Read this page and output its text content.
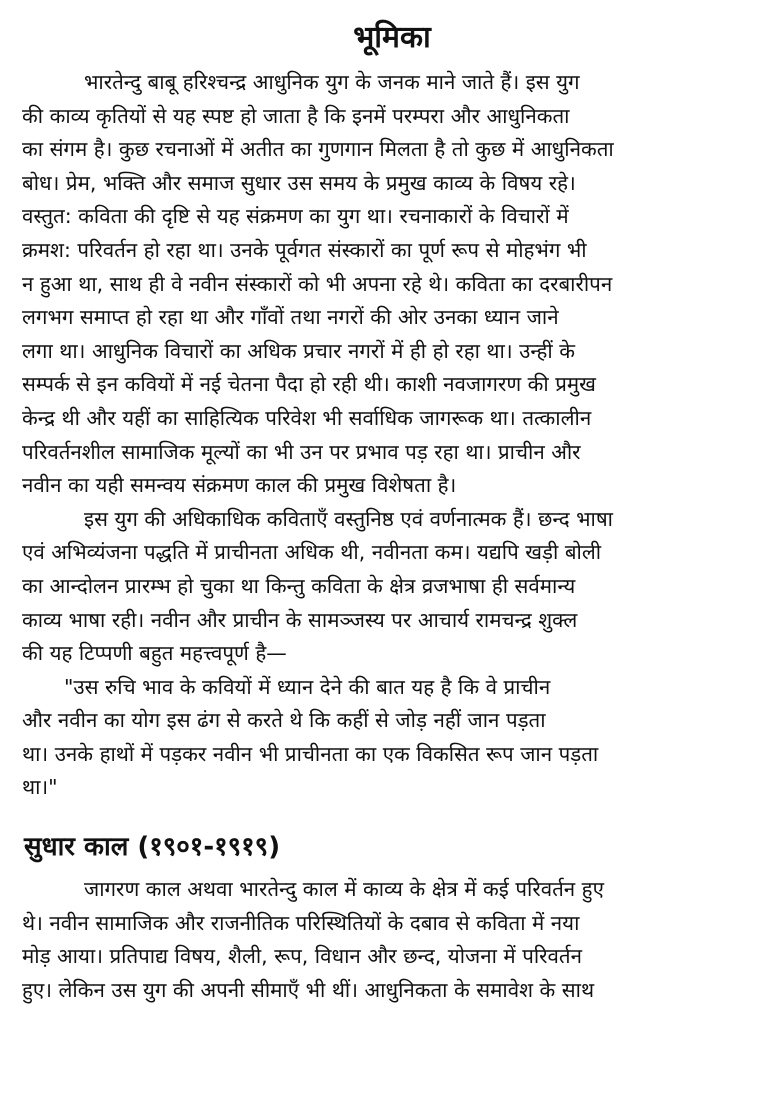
भूमिका
भारतेन्दु बाबू हरिश्चन्द्र आधुनिक युग के जनक माने जाते हैं। इस युग
की काव्य कृतियों से यह स्पष्ट हो जाता है कि इनमें परम्परा और आधुनिकता
का संगम है। कुछ रचनाओं में अतीत का गुणगान मिलता है तो कुछ में आधुनिकता
बोध। प्रेम, भक्ति और समाज सुधार उस समय के प्रमुख काव्य के विषय रहे।
वस्तुत: कविता की दृष्टि से यह संक्रमण का युग था। रचनाकारों के विचारों में
क्रमश: परिवर्तन हो रहा था। उनके पूर्वगत संस्कारों का पूर्ण रूप से मोहभंग भी
न हुआ था, साथ ही वे नवीन संस्कारों को भी अपना रहे थे। कविता का दरबारीपन
लगभग समाप्त हो रहा था और गाँवों तथा नगरों की ओर उनका ध्यान जाने
लगा था। आधुनिक विचारों का अधिक प्रचार नगरों में ही हो रहा था। उन्हीं के
सम्पर्क से इन कवियों में नई चेतना पैदा हो रही थी। काशी नवजागरण की प्रमुख
केन्द्र थी और यहीं का साहित्यिक परिवेश भी सर्वाधिक जागरूक था। तत्कालीन
परिवर्तनशील सामाजिक मूल्यों का भी उन पर प्रभाव पड़ रहा था। प्राचीन और
नवीन का यही समन्वय संक्रमण काल की प्रमुख विशेषता है।
इस युग की अधिकाधिक कविताएँ वस्तुनिष्ठ एवं वर्णनात्मक हैं। छन्द भाषा
एवं अभिव्यंजना पद्धति में प्राचीनता अधिक थी, नवीनता कम। यद्यपि खड़ी बोली
का आन्दोलन प्रारम्भ हो चुका था किन्तु कविता के क्षेत्र व्रजभाषा ही सर्वमान्य
काव्य भाषा रही। नवीन और प्राचीन के सामञ्जस्य पर आचार्य रामचन्द्र शुक्ल
की यह टिप्पणी बहुत महत्त्वपूर्ण है—
"उस रुचि भाव के कवियों में ध्यान देने की बात यह है कि वे प्राचीन
और नवीन का योग इस ढंग से करते थे कि कहीं से जोड़ नहीं जान पड़ता
था। उनके हाथों में पड़कर नवीन भी प्राचीनता का एक विकसित रूप जान पड़ता
था।"
सुधार काल (१९०१-१९१९)
जागरण काल अथवा भारतेन्दु काल में काव्य के क्षेत्र में कई परिवर्तन हुए
थे। नवीन सामाजिक और राजनीतिक परिस्थितियों के दबाव से कविता में नया
मोड़ आया। प्रतिपाद्य विषय, शैली, रूप, विधान और छन्द, योजना में परिवर्तन
हुए। लेकिन उस युग की अपनी सीमाएँ भी थीं। आधुनिकता के समावेश के साथ
